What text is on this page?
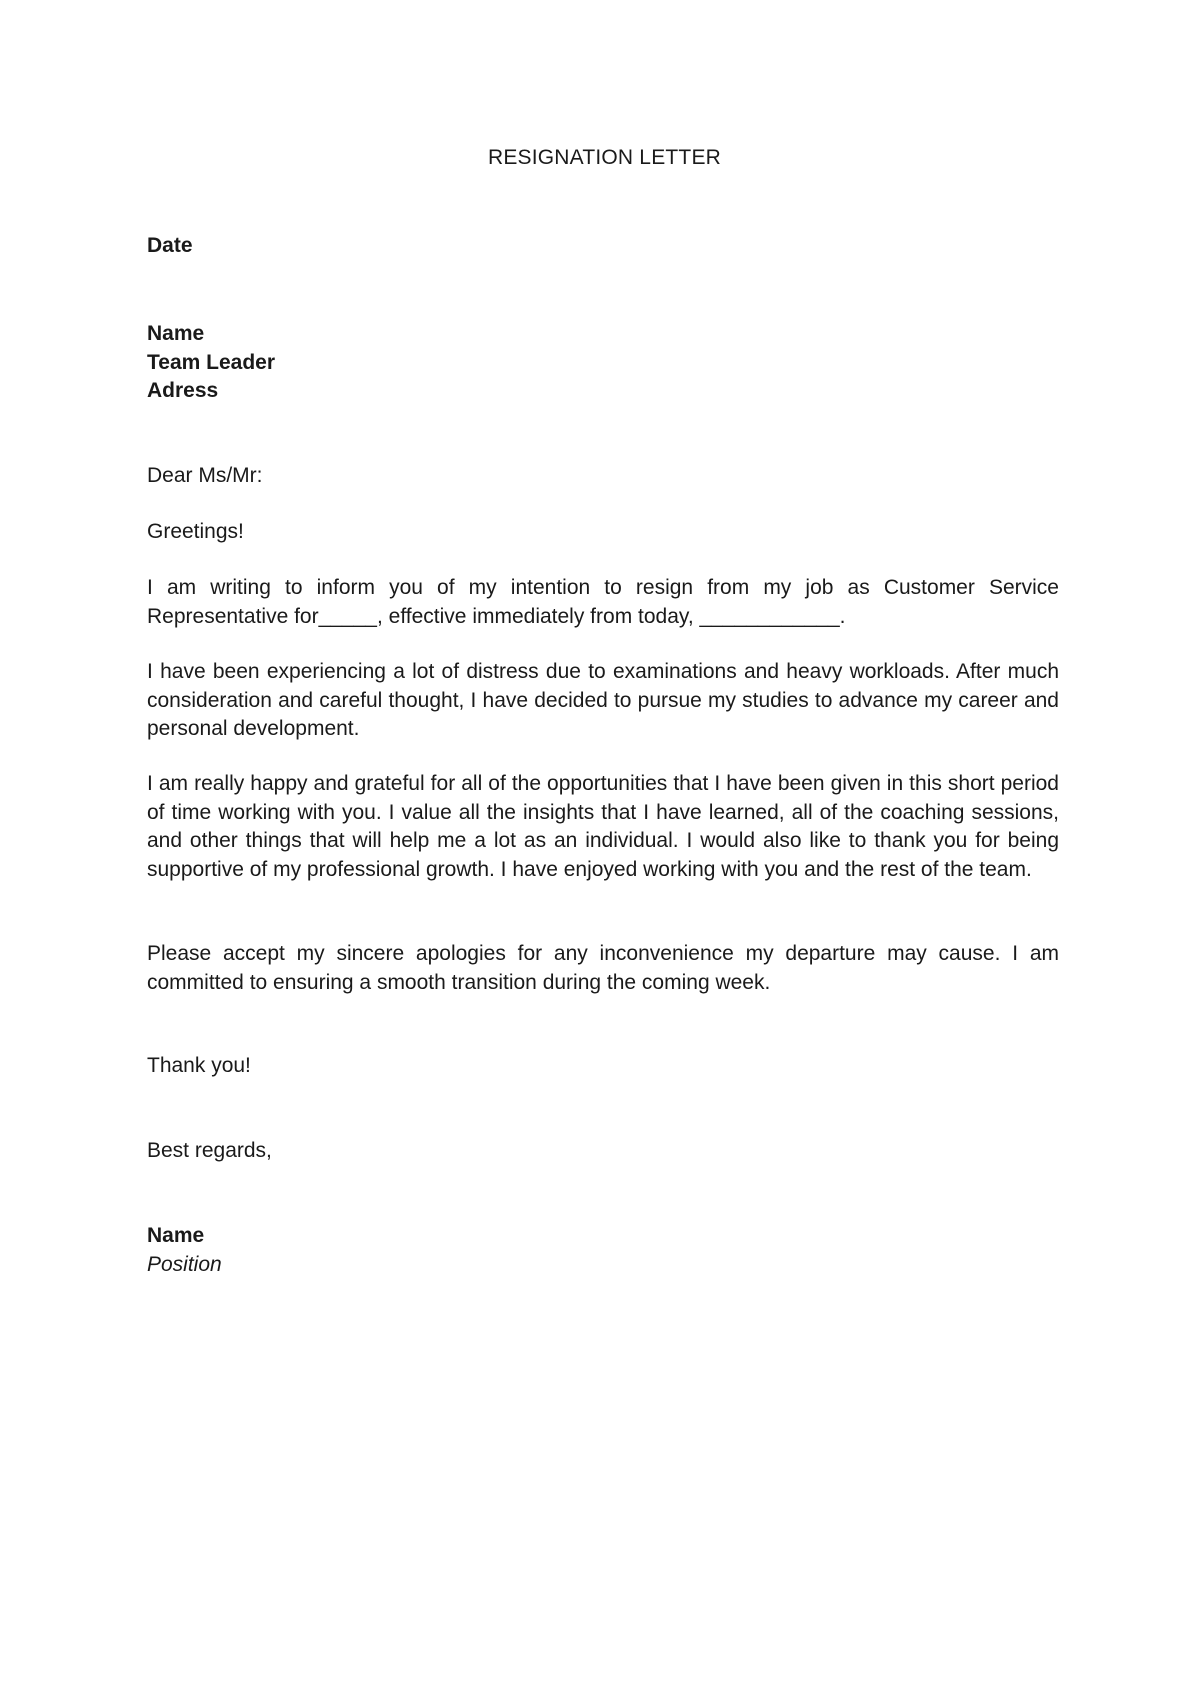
RESIGNATION LETTER
Date
Name
Team Leader
Adress
Dear Ms/Mr:
Greetings!
I am writing to inform you of my intention to resign from my job as Customer Service Representative for_____, effective immediately from today, ____________.
I have been experiencing a lot of distress due to examinations and heavy workloads. After much consideration and careful thought, I have decided to pursue my studies to advance my career and personal development.
I am really happy and grateful for all of the opportunities that I have been given in this short period of time working with you. I value all the insights that I have learned, all of the coaching sessions, and other things that will help me a lot as an individual. I would also like to thank you for being supportive of my professional growth. I have enjoyed working with you and the rest of the team.
Please accept my sincere apologies for any inconvenience my departure may cause. I am committed to ensuring a smooth transition during the coming week.
Thank you!
Best regards,
Name
Position
